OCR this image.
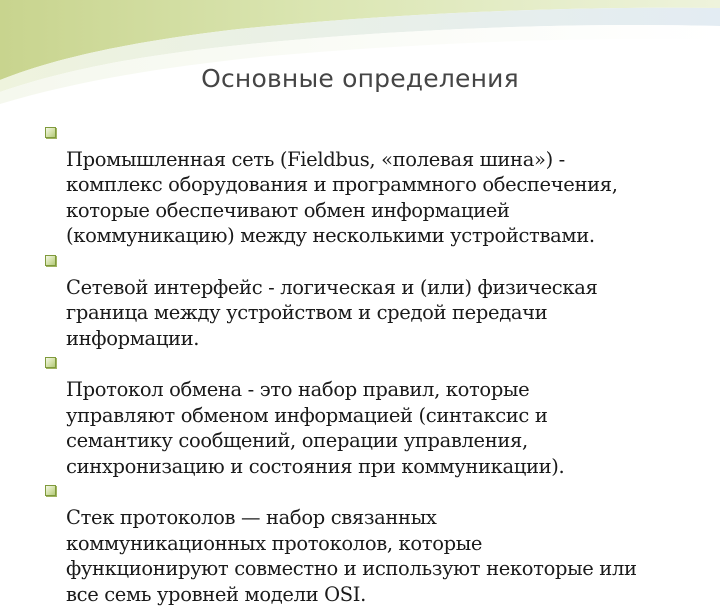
Основные определения

Промышленная сеть (Fieldbus, «полевая шина») -
комплекс оборудования и программного обеспечения,
которые обеспечивают обмен информацией
(коммуникацию) между несколькими устройствами.

Сетевой интерфейс - логическая и (или) физическая
граница между устройством и средой передачи
информации.

Протокол обмена - это набор правил, которые
управляют обменом информацией (синтаксис и
семантику сообщений, операции управления,
синхронизацию и состояния при коммуникации).

Стек протоколов — набор связанных
коммуникационных протоколов, которые
функционируют совместно и используют некоторые или
все семь уровней модели OSI.
